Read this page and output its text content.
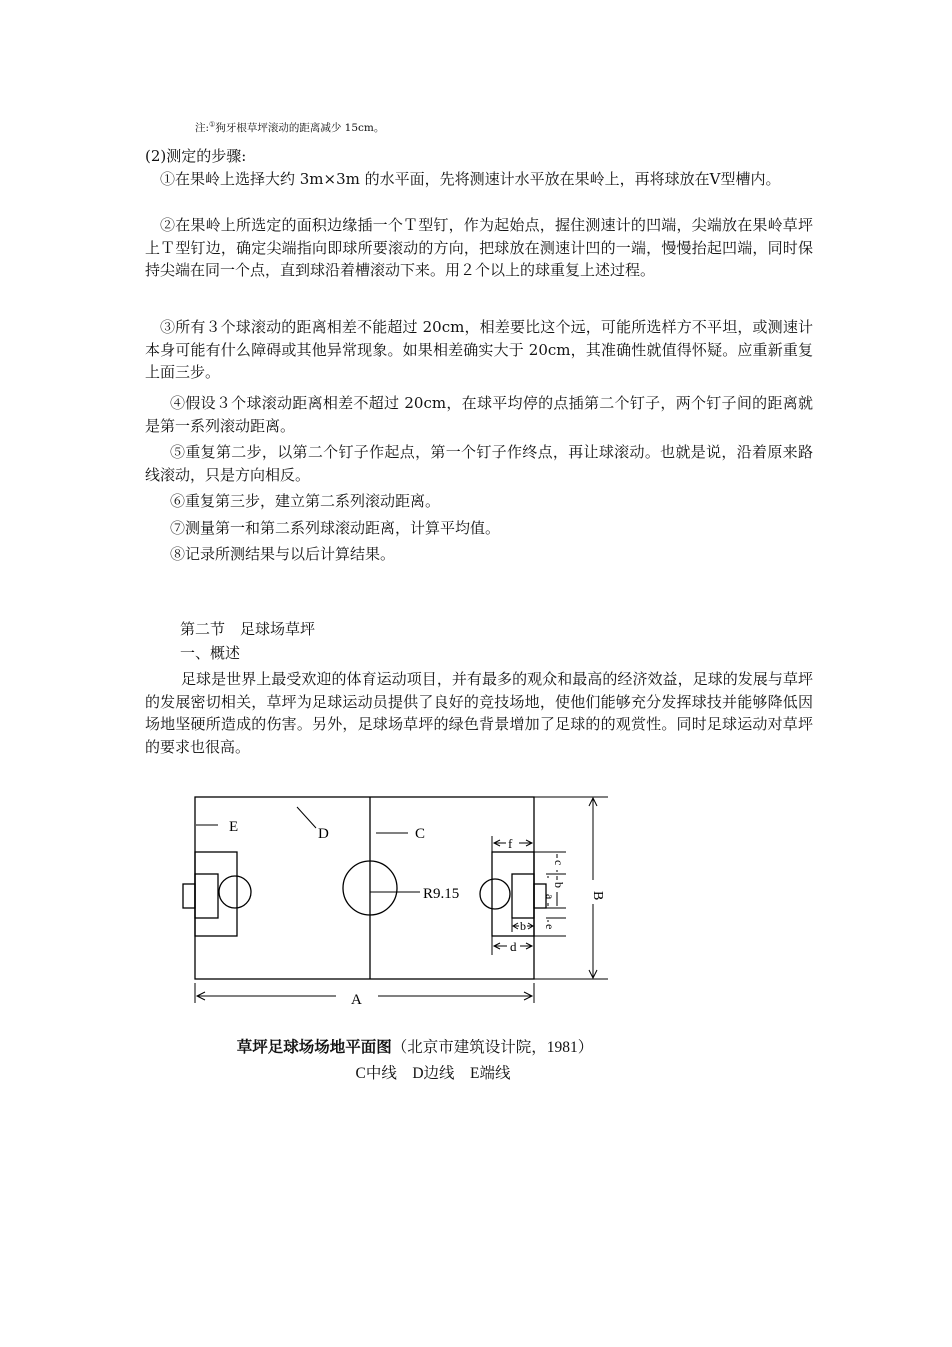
注:①狗牙根草坪滚动的距离减少 15cm。
(2)测定的步骤:
①在果岭上选择大约 3m×3m 的水平面，先将测速计水平放在果岭上，再将球放在Ⅴ型槽内。
②在果岭上所选定的面积边缘插一个Ｔ型钉，作为起始点，握住测速计的凹端，尖端放在果岭草坪上Ｔ型钉边，确定尖端指向即球所要滚动的方向，把球放在测速计凹的一端，慢慢抬起凹端，同时保持尖端在同一个点，直到球沿着槽滚动下来。用２个以上的球重复上述过程。
③所有３个球滚动的距离相差不能超过 20cm，相差要比这个远，可能所选样方不平坦，或测速计本身可能有什么障碍或其他异常现象。如果相差确实大于 20cm，其准确性就值得怀疑。应重新重复上面三步。
④假设３个球滚动距离相差不超过 20cm，在球平均停的点插第二个钉子，两个钉子间的距离就是第一系列滚动距离。
⑤重复第二步，以第二个钉子作起点，第一个钉子作终点，再让球滚动。也就是说，沿着原来路线滚动，只是方向相反。
⑥重复第三步，建立第二系列滚动距离。
⑦测量第一和第二系列球滚动距离，计算平均值。
⑧记录所测结果与以后计算结果。
第二节　足球场草坪
一、概述
足球是世界上最受欢迎的体育运动项目，并有最多的观众和最高的经济效益，足球的发展与草坪的发展密切相关，草坪为足球运动员提供了良好的竞技场地，使他们能够充分发挥球技并能够降低因场地坚硬所造成的伤害。另外，足球场草坪的绿色背景增加了足球的的观赏性。同时足球运动对草坪的要求也很高。
E	D	C
R9.15
A
B
f
d
b
c
b
a
e
草坪足球场场地平面图（北京市建筑设计院，1981）
C中线　D边线　E端线
